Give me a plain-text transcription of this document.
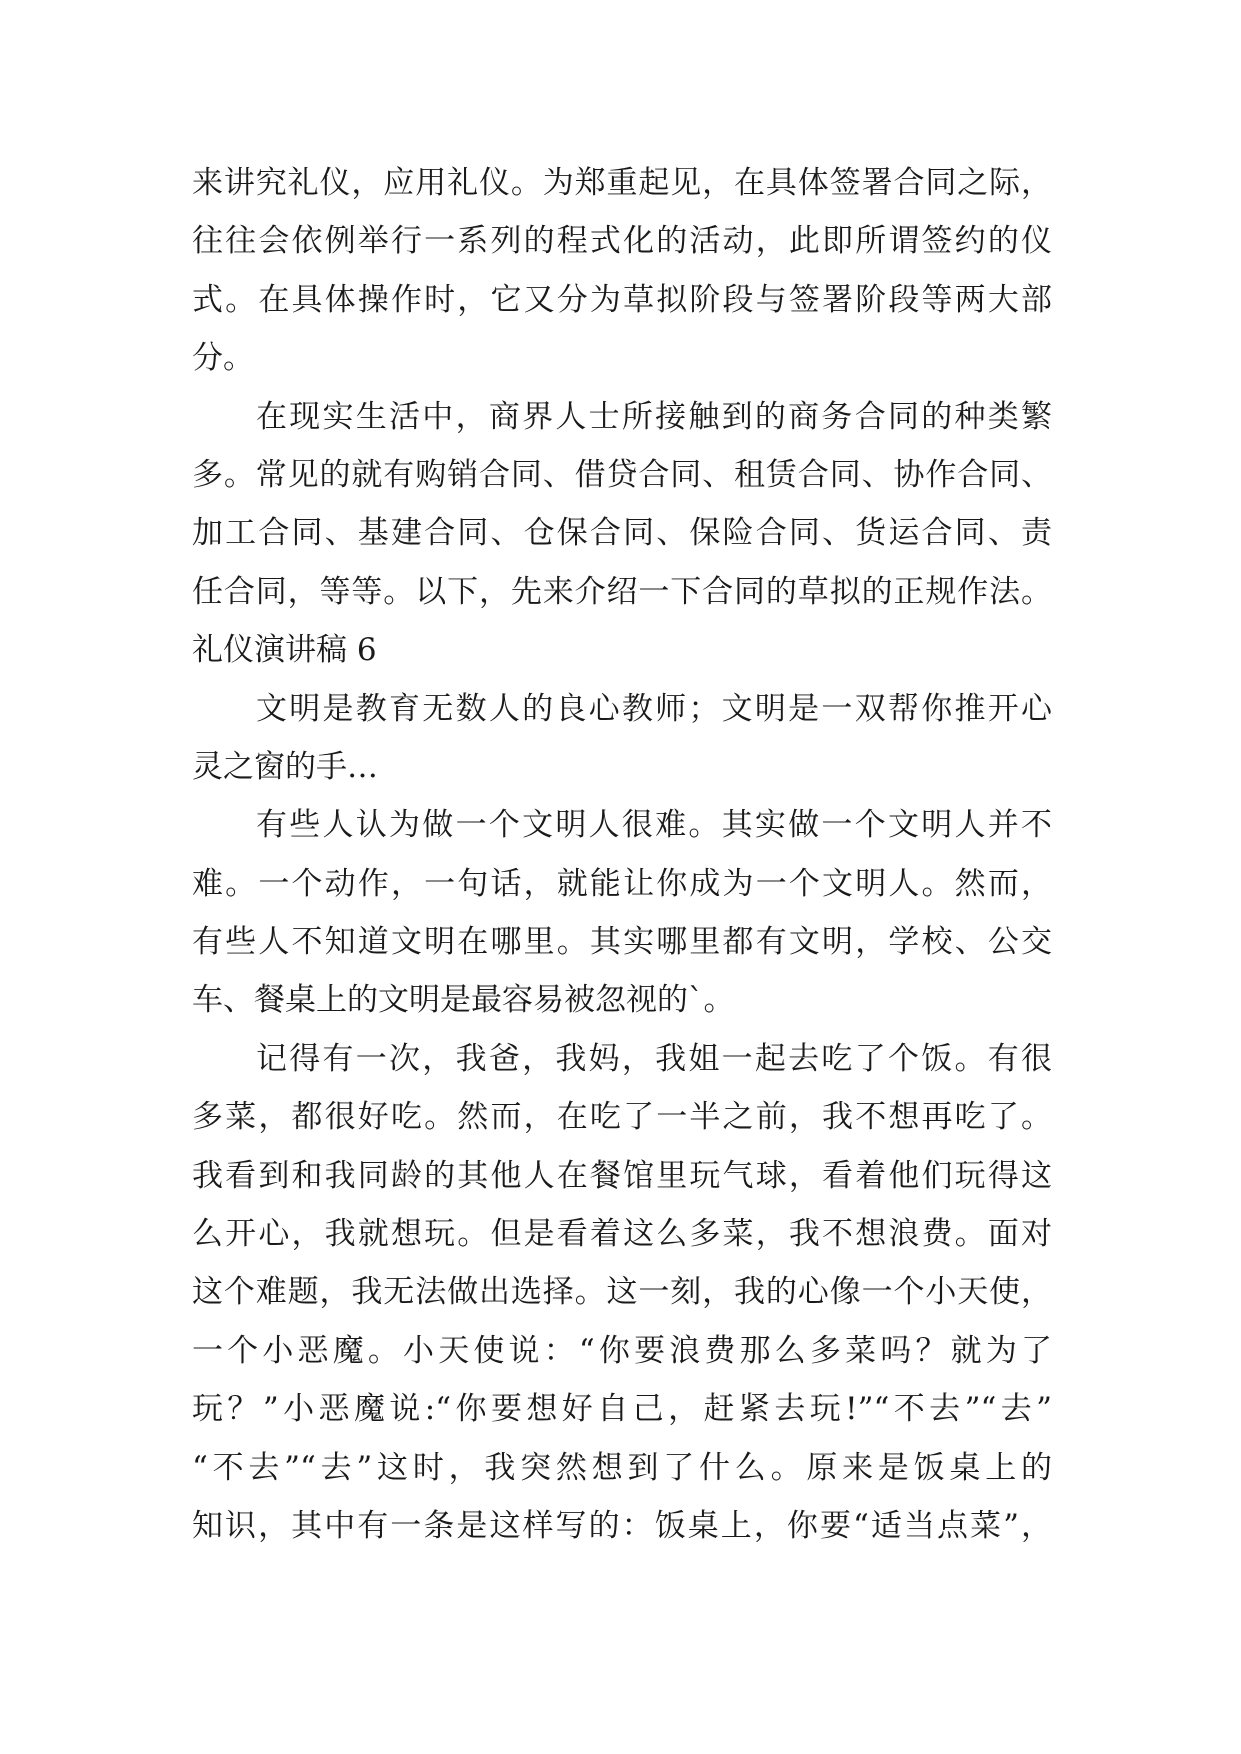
来讲究礼仪，应用礼仪。为郑重起见，在具体签署合同之际，
往往会依例举行一系列的程式化的活动，此即所谓签约的仪
式。在具体操作时，它又分为草拟阶段与签署阶段等两大部
分。
在现实生活中，商界人士所接触到的商务合同的种类繁
多。常见的就有购销合同、借贷合同、租赁合同、协作合同、
加工合同、基建合同、仓保合同、保险合同、货运合同、责
任合同，等等。以下，先来介绍一下合同的草拟的正规作法。
礼仪演讲稿 6
文明是教育无数人的良心教师；文明是一双帮你推开心
灵之窗的手…
有些人认为做一个文明人很难。其实做一个文明人并不
难。一个动作，一句话，就能让你成为一个文明人。然而，
有些人不知道文明在哪里。其实哪里都有文明，学校、公交
车、餐桌上的文明是最容易被忽视的`。
记得有一次，我爸，我妈，我姐一起去吃了个饭。有很
多菜，都很好吃。然而，在吃了一半之前，我不想再吃了。
我看到和我同龄的其他人在餐馆里玩气球，看着他们玩得这
么开心，我就想玩。但是看着这么多菜，我不想浪费。面对
这个难题，我无法做出选择。这一刻，我的心像一个小天使，
一个小恶魔。小天使说：“你要浪费那么多菜吗？就为了
玩？”小恶魔说:“你要想好自己，赶紧去玩!”“不去”“去”
“不去”“去”这时，我突然想到了什么。原来是饭桌上的
知识，其中有一条是这样写的：饭桌上，你要“适当点菜”，
